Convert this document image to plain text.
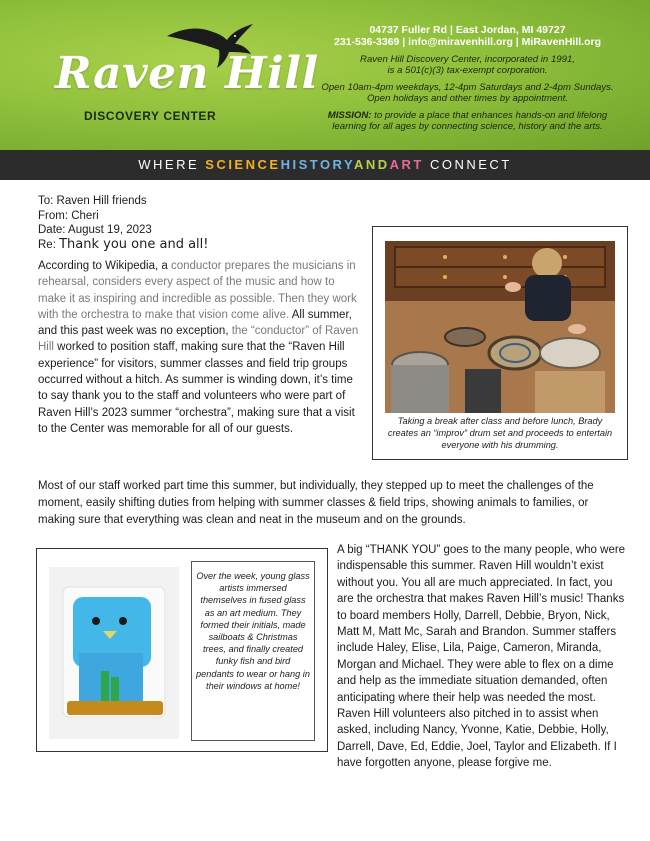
Raven Hill
DISCOVERY CENTER
04737 Fuller Rd | East Jordan, MI 49727
231-536-3369 | info@miravenhill.org | MiRavenHill.org
Raven Hill Discovery Center, incorporated in 1991,
is a 501(c)(3) tax-exempt corporation.
Open 10am-4pm weekdays, 12-4pm Saturdays and 2-4pm Sundays.
Open holidays and other times by appointment.
MISSION: to provide a place that enhances hands-on and lifelong
learning for all ages by connecting science, history and the arts.
WHERE SCIENCEHISTORYANDART CONNECT
To: Raven Hill friends
From: Cheri
Date: August 19, 2023
Re: Thank you one and all!
According to Wikipedia, a conductor prepares the musicians in rehearsal, considers every aspect of the music and how to make it as inspiring and incredible as possible. Then they work with the orchestra to make that vision come alive. All summer, and this past week was no exception, the “conductor” of Raven Hill worked to position staff, making sure that the “Raven Hill experience” for visitors, summer classes and field trip groups occurred without a hitch. As summer is winding down, it’s time to say thank you to the staff and volunteers who were part of Raven Hill’s 2023 summer “orchestra”, making sure that a visit to the Center was memorable for all of our guests.
Taking a break after class and before lunch, Brady creates an “improv” drum set and proceeds to entertain everyone with his drumming.
Most of our staff worked part time this summer, but individually, they stepped up to meet the challenges of the moment, easily shifting duties from helping with summer classes & field trips, showing animals to families, or making sure that everything was clean and neat in the museum and on the grounds.
Over the week, young glass artists immersed themselves in fused glass as an art medium. They formed their initials, made sailboats & Christmas trees, and finally created funky fish and bird pendants to wear or hang in their windows at home!
A big “THANK YOU” goes to the many people, who were indispensable this summer. Raven Hill wouldn’t exist without you. You all are much appreciated. In fact, you are the orchestra that makes Raven Hill’s music! Thanks to board members Holly, Darrell, Debbie, Bryon, Nick, Matt M, Matt Mc, Sarah and Brandon. Summer staffers include Haley, Elise, Lila, Paige, Cameron, Miranda, Morgan and Michael. They were able to flex on a dime and help as the immediate situation demanded, often anticipating where their help was needed the most. Raven Hill volunteers also pitched in to assist when asked, including Nancy, Yvonne, Katie, Debbie, Holly, Darrell, Dave, Ed, Eddie, Joel, Taylor and Elizabeth. If I have forgotten anyone, please forgive me.
